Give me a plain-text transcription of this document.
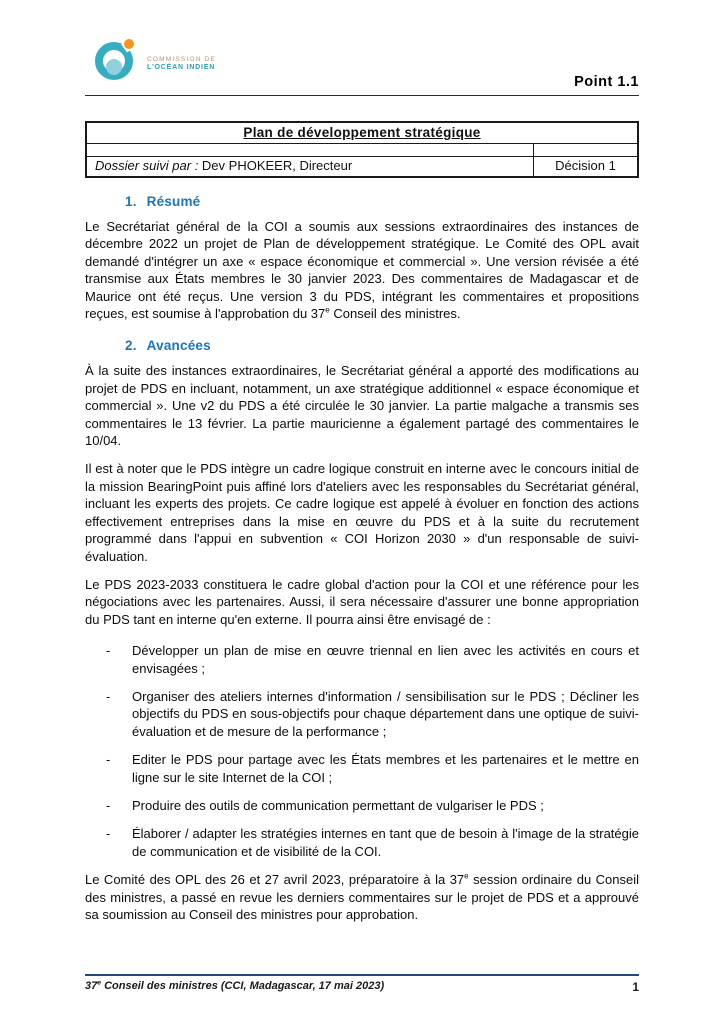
COMMISSION DE
L'OCÉAN INDIEN
Point 1.1
Plan de développement stratégique
Dossier suivi par : Dev PHOKEER, Directeur	Décision 1
1. Résumé

Le Secrétariat général de la COI a soumis aux sessions extraordinaires des instances de décembre 2022 un projet de Plan de développement stratégique. Le Comité des OPL avait demandé d'intégrer un axe « espace économique et commercial ». Une version révisée a été transmise aux États membres le 30 janvier 2023. Des commentaires de Madagascar et de Maurice ont été reçus. Une version 3 du PDS, intégrant les commentaires et propositions reçues, est soumise à l'approbation du 37e Conseil des ministres.

2. Avancées

À la suite des instances extraordinaires, le Secrétariat général a apporté des modifications au projet de PDS en incluant, notamment, un axe stratégique additionnel « espace économique et commercial ». Une v2 du PDS a été circulée le 30 janvier. La partie malgache a transmis ses commentaires le 13 février. La partie mauricienne a également partagé des commentaires le 10/04.

Il est à noter que le PDS intègre un cadre logique construit en interne avec le concours initial de la mission BearingPoint puis affiné lors d'ateliers avec les responsables du Secrétariat général, incluant les experts des projets. Ce cadre logique est appelé à évoluer en fonction des actions effectivement entreprises dans la mise en œuvre du PDS et à la suite du recrutement programmé dans l'appui en subvention « COI Horizon 2030 » d'un responsable de suivi-évaluation.

Le PDS 2023-2033 constituera le cadre global d'action pour la COI et une référence pour les négociations avec les partenaires. Aussi, il sera nécessaire d'assurer une bonne appropriation du PDS tant en interne qu'en externe. Il pourra ainsi être envisagé de :

-	Développer un plan de mise en œuvre triennal en lien avec les activités en cours et envisagées ;
-	Organiser des ateliers internes d'information / sensibilisation sur le PDS ; Décliner les objectifs du PDS en sous-objectifs pour chaque département dans une optique de suivi-évaluation et de mesure de la performance ;
-	Editer le PDS pour partage avec les États membres et les partenaires et le mettre en ligne sur le site Internet de la COI ;
-	Produire des outils de communication permettant de vulgariser le PDS ;
-	Élaborer / adapter les stratégies internes en tant que de besoin à l'image de la stratégie de communication et de visibilité de la COI.

Le Comité des OPL des 26 et 27 avril 2023, préparatoire à la 37e session ordinaire du Conseil des ministres, a passé en revue les derniers commentaires sur le projet de PDS et a approuvé sa soumission au Conseil des ministres pour approbation.

37e Conseil des ministres (CCI, Madagascar, 17 mai 2023)	1
